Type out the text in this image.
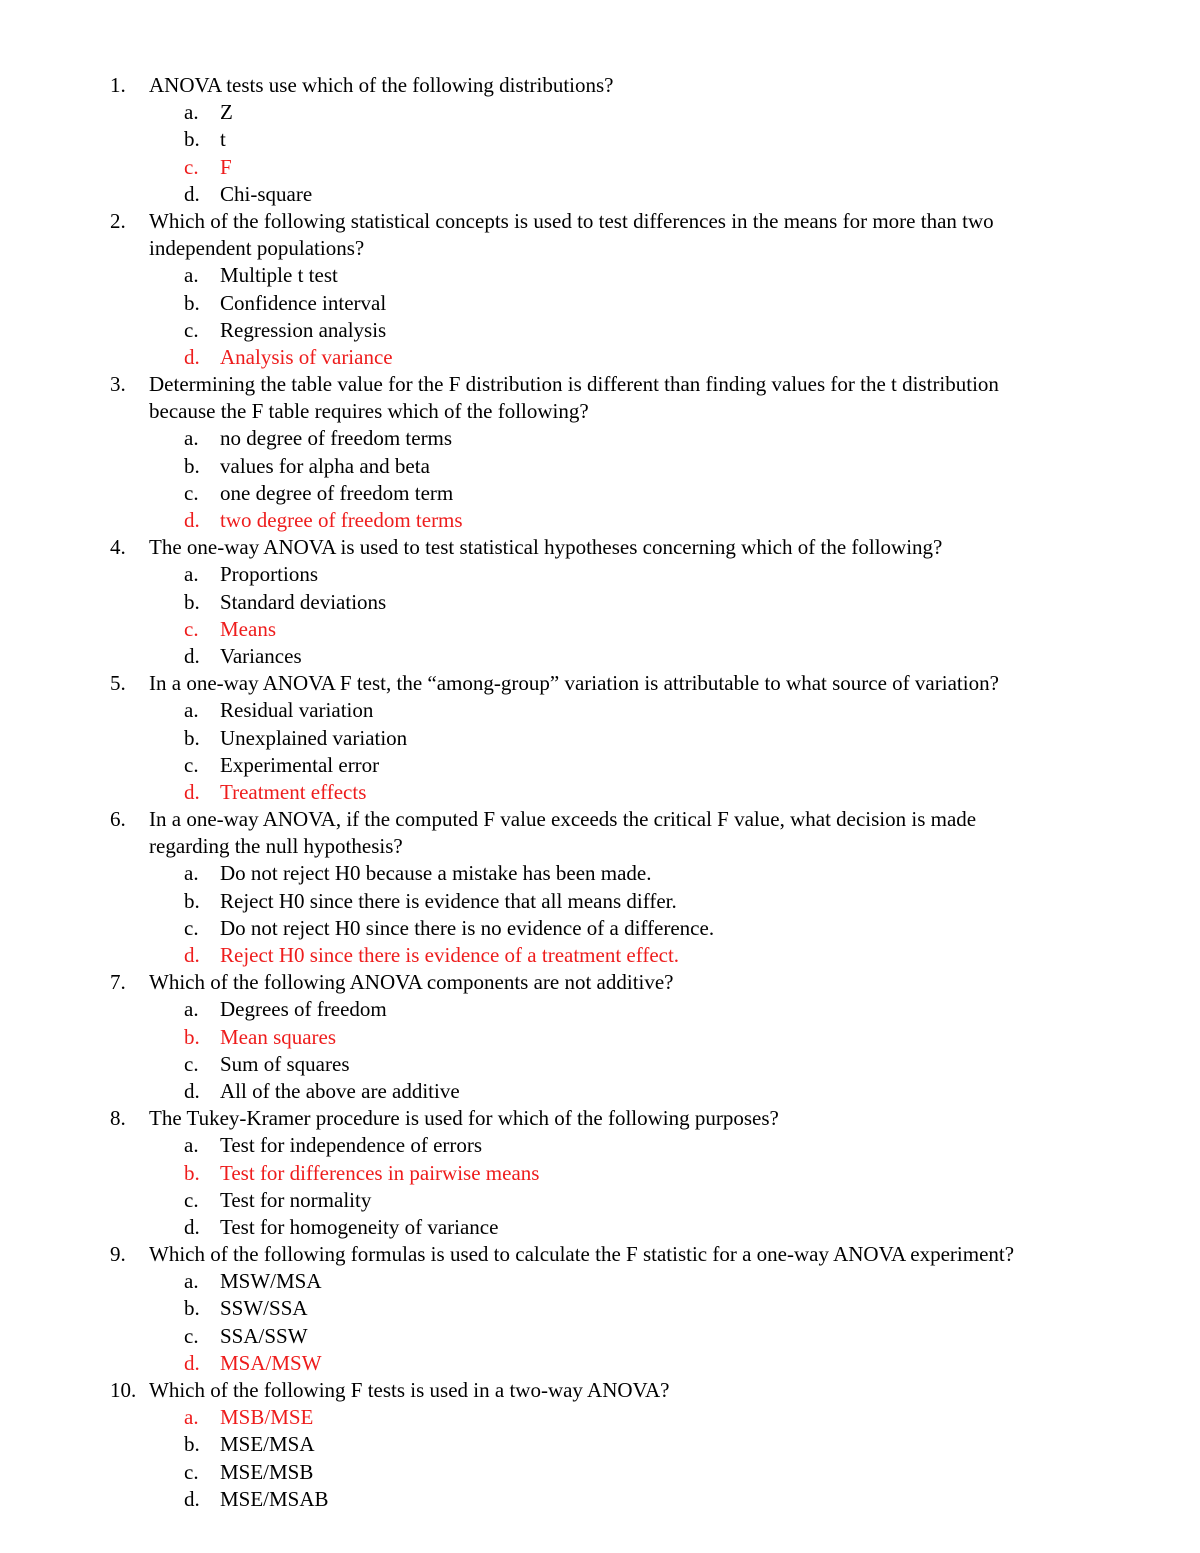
1.	ANOVA tests use which of the following distributions?
a.	Z
b. t
c.	F
d. Chi-square
2.	Which of the following statistical concepts is used to test differences in the means for more than two
independent populations?
a.	Multiple t test
b. Confidence interval
c.	Regression analysis
d. Analysis of variance
3.	Determining the table value for the F distribution is different than finding values for the t distribution
because the F table requires which of the following?
a.	no degree of freedom terms
b. values for alpha and beta
c.	one degree of freedom term
d. two degree of freedom terms
4.	The one-way ANOVA is used to test statistical hypotheses concerning which of the following?
a.	Proportions
b. Standard deviations
c.	Means
d. Variances
5.	In a one-way ANOVA F test, the “among-group” variation is attributable to what source of variation?
a.	Residual variation
b. Unexplained variation
c.	Experimental error
d. Treatment effects
6.	In a one-way ANOVA, if the computed F value exceeds the critical F value, what decision is made
regarding the null hypothesis?
a.	Do not reject H0 because a mistake has been made.
b. Reject H0 since there is evidence that all means differ.
c.	Do not reject H0 since there is no evidence of a difference.
d. Reject H0 since there is evidence of a treatment effect.
7.	Which of the following ANOVA components are not additive?
a.	Degrees of freedom
b. Mean squares
c.	Sum of squares
d. All of the above are additive
8.	The Tukey-Kramer procedure is used for which of the following purposes?
a.	Test for independence of errors
b. Test for differences in pairwise means
c.	Test for normality
d. Test for homogeneity of variance
9.	Which of the following formulas is used to calculate the F statistic for a one-way ANOVA experiment?
a.	MSW/MSA
b. SSW/SSA
c.	SSA/SSW
d. MSA/MSW
10. Which of the following F tests is used in a two-way ANOVA?
a.	MSB/MSE
b. MSE/MSA
c.	MSE/MSB
d. MSE/MSAB
